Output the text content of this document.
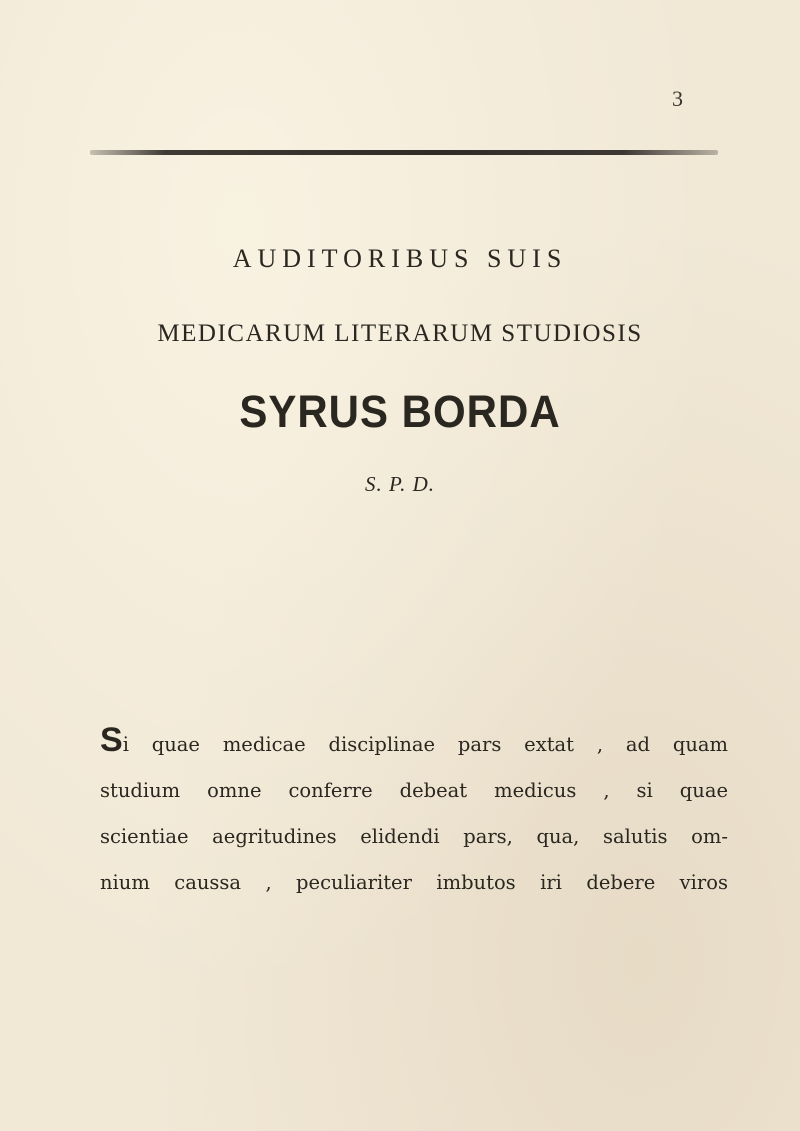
3
AUDITORIBUS SUIS
MEDICARUM LITERARUM STUDIOSIS
SYRUS BORDA
S. P. D.
Si quae medicae disciplinae pars extat , ad quam
studium omne conferre debeat medicus , si quae
scientiae aegritudines elidendi pars, qua, salutis om-
nium caussa , peculiariter imbutos iri debere viros
